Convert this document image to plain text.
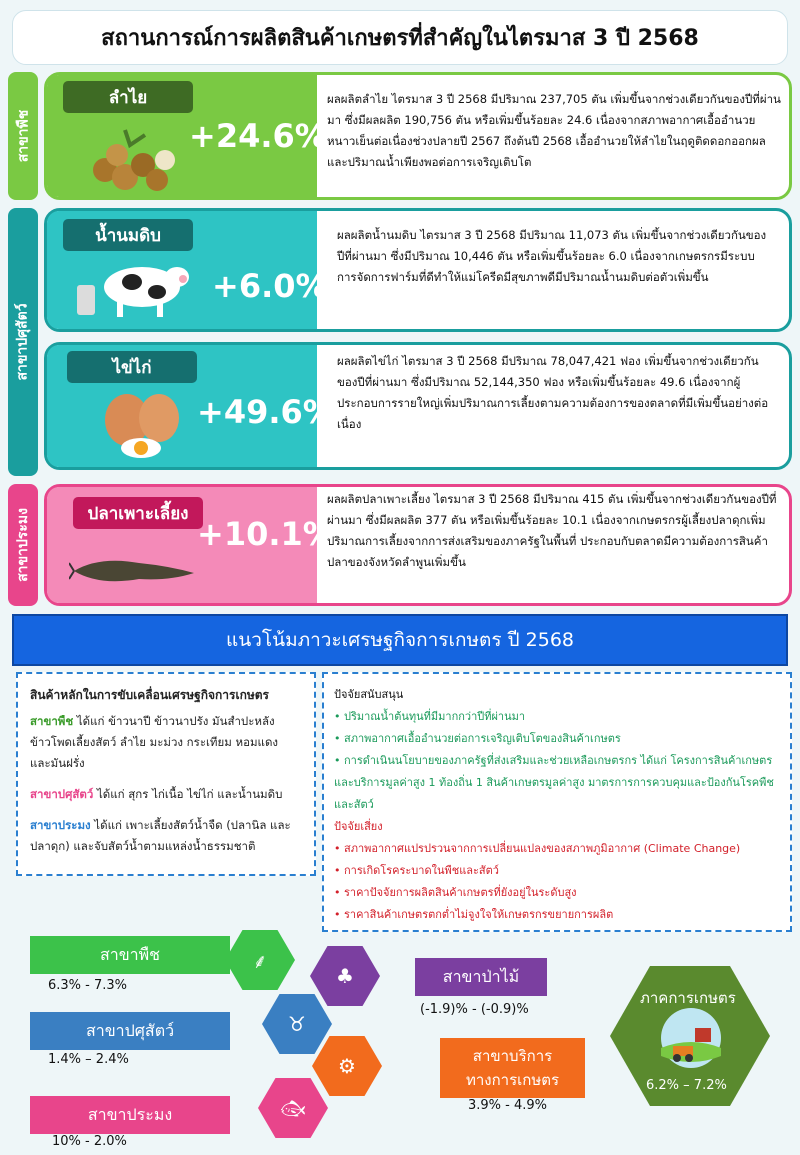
สถานการณ์การผลิตสินค้าเกษตรที่สำคัญในไตรมาส 3 ปี 2568
สาขาพืช
สาขาปศุสัตว์
สาขาประมง
ลำไย
+24.6%
ผลผลิตลำไย ไตรมาส 3 ปี 2568 มีปริมาณ 237,705 ตัน เพิ่มขึ้นจากช่วงเดียวกันของปีที่ผ่านมา ซึ่งมีผลผลิต 190,756 ตัน หรือเพิ่มขึ้นร้อยละ 24.6 เนื่องจากสภาพอากาศเอื้ออำนวยหนาวเย็นต่อเนื่องช่วงปลายปี 2567 ถึงต้นปี 2568 เอื้ออำนวยให้ลำไยในฤดูติดดอกออกผลและปริมาณน้ำเพียงพอต่อการเจริญเติบโต
น้ำนมดิบ
+6.0%
ผลผลิตน้ำนมดิบ ไตรมาส 3 ปี 2568 มีปริมาณ 11,073 ตัน เพิ่มขึ้นจากช่วงเดียวกันของปีที่ผ่านมา ซึ่งมีปริมาณ 10,446 ตัน หรือเพิ่มขึ้นร้อยละ 6.0 เนื่องจากเกษตรกรมีระบบการจัดการฟาร์มที่ดีทำให้แม่โครีดมีสุขภาพดีมีปริมาณน้ำนมดิบต่อตัวเพิ่มขึ้น
ไข่ไก่
+49.6%
ผลผลิตไข่ไก่ ไตรมาส 3 ปี 2568 มีปริมาณ 78,047,421 ฟอง เพิ่มขึ้นจากช่วงเดียวกันของปีที่ผ่านมา ซึ่งมีปริมาณ 52,144,350 ฟอง หรือเพิ่มขึ้นร้อยละ 49.6 เนื่องจากผู้ประกอบการรายใหญ่เพิ่มปริมาณการเลี้ยงตามความต้องการของตลาดที่มีเพิ่มขึ้นอย่างต่อเนื่อง
ปลาเพาะเลี้ยง
+10.1%
ผลผลิตปลาเพาะเลี้ยง ไตรมาส 3 ปี 2568 มีปริมาณ 415 ตัน เพิ่มขึ้นจากช่วงเดียวกันของปีที่ผ่านมา ซึ่งมีผลผลิต 377 ตัน หรือเพิ่มขึ้นร้อยละ 10.1 เนื่องจากเกษตรกรผู้เลี้ยงปลาดุกเพิ่มปริมาณการเลี้ยงจากการส่งเสริมของภาครัฐในพื้นที่ ประกอบกับตลาดมีความต้องการสินค้าปลาของจังหวัดลำพูนเพิ่มขึ้น
แนวโน้มภาวะเศรษฐกิจการเกษตร ปี 2568
สินค้าหลักในการขับเคลื่อนเศรษฐกิจการเกษตร

สาขาพืช ได้แก่ ข้าวนาปี ข้าวนาปรัง มันสำปะหลัง ข้าวโพดเลี้ยงสัตว์ ลำไย มะม่วง กระเทียม หอมแดง และมันฝรั่ง

สาขาปศุสัตว์ ได้แก่ สุกร ไก่เนื้อ ไข่ไก่ และน้ำนมดิบ

สาขาประมง ได้แก่ เพาะเลี้ยงสัตว์น้ำจืด (ปลานิล และปลาดุก) และจับสัตว์น้ำตามแหล่งน้ำธรรมชาติ

ปัจจัยสนับสนุน

• ปริมาณน้ำต้นทุนที่มีมากกว่าปีที่ผ่านมา

• สภาพอากาศเอื้ออำนวยต่อการเจริญเติบโตของสินค้าเกษตร

• การดำเนินนโยบายของภาครัฐที่ส่งเสริมและช่วยเหลือเกษตรกร ได้แก่ โครงการสินค้าเกษตรและบริการมูลค่าสูง 1 ท้องถิ่น 1 สินค้าเกษตรมูลค่าสูง มาตรการการควบคุมและป้องกันโรคพืชและสัตว์

ปัจจัยเสี่ยง

• สภาพอากาศแปรปรวนจากการเปลี่ยนแปลงของสภาพภูมิอากาศ (Climate Change)

• การเกิดโรคระบาดในพืชและสัตว์

• ราคาปัจจัยการผลิตสินค้าเกษตรที่ยังอยู่ในระดับสูง

• ราคาสินค้าเกษตรตกต่ำไม่จูงใจให้เกษตรกรขยายการผลิต

สาขาพืช
6.3% - 7.3%
⸙
สาขาปศุสัตว์
1.4% – 2.4%
♉
สาขาประมง
10% - 2.0%
🐟︎
♣	สาขาป่าไม้
(-1.9)% - (-0.9)%
⚙	สาขาบริการทางการเกษตร
3.9% - 4.9%
ภาคการเกษตร
6.2% – 7.2%
